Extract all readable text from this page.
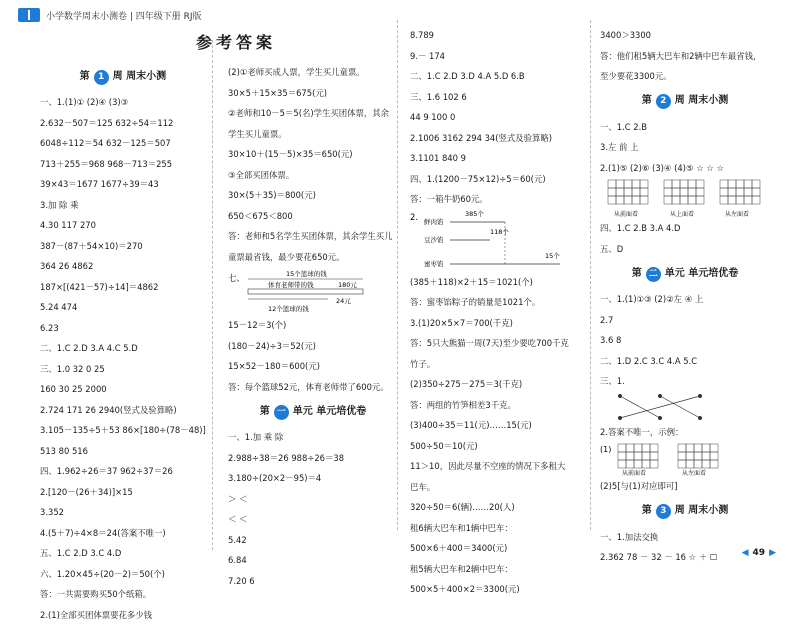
小学数学周末小测卷 | 四年级下册 RJ版
参考答案

第 1 周 周末小测

一、1.(1)① (2)④ (3)③

2.632－507＝125 632÷54＝112

6048÷112＝54 632－125＝507

713＋255＝968 968－713＝255

39×43＝1677 1677÷39＝43

3.加 除 乘

4.30 117 270

387－(87＋54×10)＝270

364 26 4862

187×[(421－57)÷14]＝4862

5.24 474

6.23

二、1.C 2.D 3.A 4.C 5.D

三、1.0 32 0 25

160 30 25 2000

2.724 171 26 2940(竖式及验算略)

3.105－135÷5＋53 86×[180÷(78－48)]

513 80 516

四、1.962÷26＝37 962÷37＝26

2.[120－(26＋34)]×15

3.352

4.(5＋7)÷4×8＝24(答案不唯一)

五、1.C 2.D 3.C 4.D

六、1.20×45÷(20－2)＝50(个)

答：一共需要购买50个纸箱。

2.(1)全部买团体票要花多少钱

(2)①老师买成人票，学生买儿童票。

30×5＋15×35＝675(元)

②老师和10－5＝5(名)学生买团体票，其余

学生买儿童票。

30×10＋(15－5)×35＝650(元)

③全部买团体票。

30×(5＋35)＝800(元)

650＜675＜800

答：老师和5名学生买团体票，其余学生买儿

童票最省钱，最少要花650元。

七、	15个篮球的钱
体育老师带的钱	180元
24元
12个篮球的钱

15－12＝3(个)

(180－24)÷3＝52(元)

15×52－180＝600(元)

答：每个篮球52元，体育老师带了600元。

第 一 单元 单元培优卷

一、1.加 乘 除

2.988÷38＝26 988÷26＝38

3.180÷(20×2－95)＝4

＞ ＜

＜ ＜

5.42

6.84

7.20 6

8.789

9.－ 174

二、1.C 2.D 3.D 4.A 5.D 6.B

三、1.6 102 6

44 9 100 0

2.1006 3162 294 34(竖式及验算略)

3.1101 840 9

四、1.(1200－75×12)÷5＝60(元)

答：一箱牛奶60元。

2. 鲜肉馅
385个
豆沙馅
118个
蜜枣馅
15个

(385＋118)×2＋15＝1021(个)

答：蜜枣馅粽子的销量是1021个。

3.(1)20×5×7＝700(千克)

答：5只大熊猫一周(7天)至少要吃700千克

竹子。

(2)350÷275－275＝3(千克)

答：两组的竹笋相差3千克。

(3)400÷35＝11(元)……15(元)

500÷50＝10(元)

11＞10，因此尽量不空座的情况下多租大

巴车。

320÷50＝6(辆)……20(人)

租6辆大巴车和1辆中巴车：

500×6＋400＝3400(元)

租5辆大巴车和2辆中巴车：

500×5＋400×2＝3300(元)

3400＞3300

答：他们租5辆大巴车和2辆中巴车最省钱，

至少要花3300元。

第 2 周 周末小测

一、1.C 2.B

3.左 前 上

2.(1)⑤ (2)⑥ (3)④ (4)⑤ ☆ ☆ ☆

从前面看	从上面看	从左面看

四、1.C 2.B 3.A 4.D

五、D

第 二 单元 单元培优卷

一、1.(1)①③ (2)②左 ④ 上

2.7

3.6 8

二、1.D 2.C 3.C 4.A 5.C

三、1.

2.答案不唯一，示例：

(1)
从前面看	从左面看

(2)5[与(1)对应即可]

第 3 周 周末小测

一、1.加法交换

2.362 78 － 32 － 16 ☆ ＋ ☐	◀ 49 ▶
